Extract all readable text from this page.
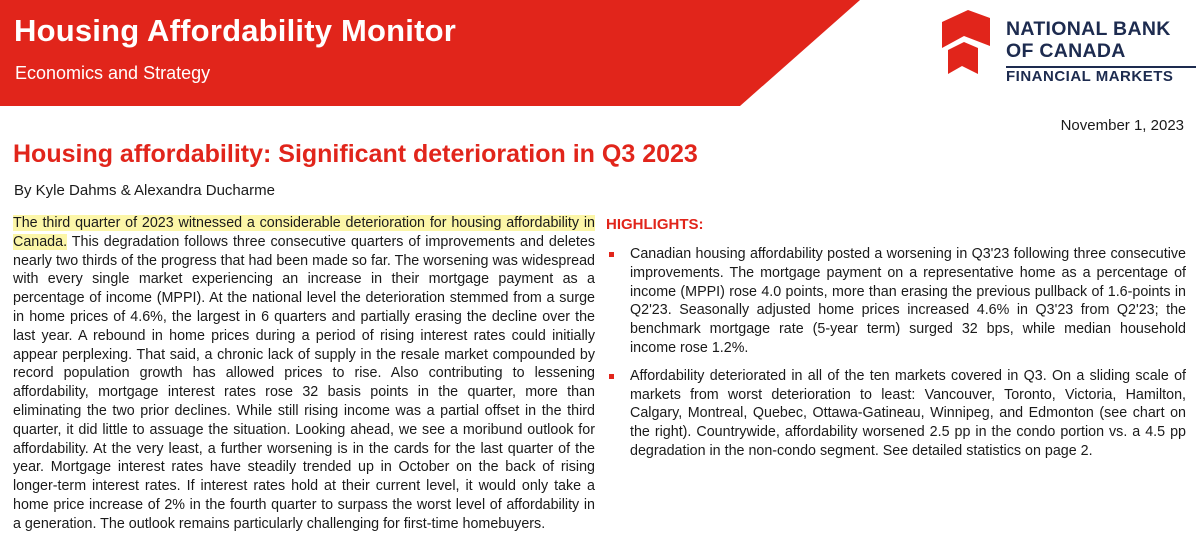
Housing Affordability Monitor
Economics and Strategy
NATIONAL BANK
OF CANADA
FINANCIAL MARKETS
November 1, 2023
Housing affordability: Significant deterioration in Q3 2023
By Kyle Dahms & Alexandra Ducharme
The third quarter of 2023 witnessed a considerable deterioration for housing affordability in Canada. This degradation follows three consecutive quarters of improvements and deletes nearly two thirds of the progress that had been made so far. The worsening was widespread with every single market experiencing an increase in their mortgage payment as a percentage of income (MPPI). At the national level the deterioration stemmed from a surge in home prices of 4.6%, the largest in 6 quarters and partially erasing the decline over the last year. A rebound in home prices during a period of rising interest rates could initially appear perplexing. That said, a chronic lack of supply in the resale market compounded by record population growth has allowed prices to rise. Also contributing to lessening affordability, mortgage interest rates rose 32 basis points in the quarter, more than eliminating the two prior declines. While still rising income was a partial offset in the third quarter, it did little to assuage the situation. Looking ahead, we see a moribund outlook for affordability. At the very least, a further worsening is in the cards for the last quarter of the year. Mortgage interest rates have steadily trended up in October on the back of rising longer-term interest rates. If interest rates hold at their current level, it would only take a home price increase of 2% in the fourth quarter to surpass the worst level of affordability in a generation. The outlook remains particularly challenging for first-time homebuyers.
HIGHLIGHTS:
Canadian housing affordability posted a worsening in Q3'23 following three consecutive improvements. The mortgage payment on a representative home as a percentage of income (MPPI) rose 4.0 points, more than erasing the previous pullback of 1.6-points in Q2'23. Seasonally adjusted home prices increased 4.6% in Q3'23 from Q2'23; the benchmark mortgage rate (5-year term) surged 32 bps, while median household income rose 1.2%.
Affordability deteriorated in all of the ten markets covered in Q3. On a sliding scale of markets from worst deterioration to least: Vancouver, Toronto, Victoria, Hamilton, Calgary, Montreal, Quebec, Ottawa-Gatineau, Winnipeg, and Edmonton (see chart on the right). Countrywide, affordability worsened 2.5 pp in the condo portion vs. a 4.5 pp degradation in the non-condo segment. See detailed statistics on page 2.
